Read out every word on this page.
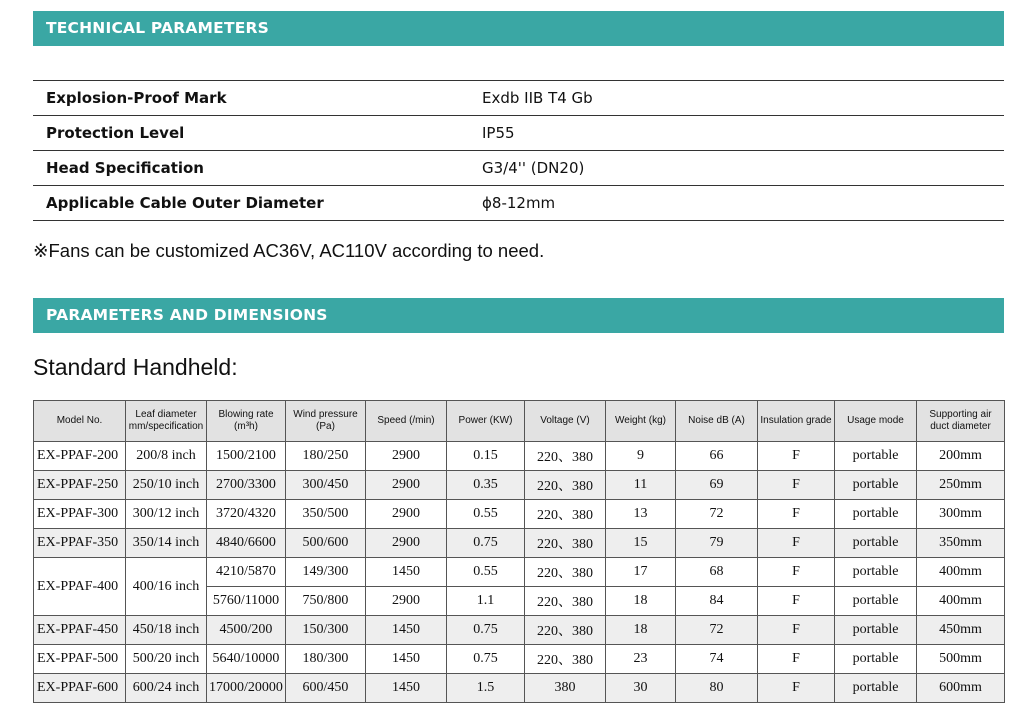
TECHNICAL PARAMETERS
Explosion-Proof Mark	Exdb IIB T4 Gb
Protection Level	IP55
Head Specification	G3/4'' (DN20)
Applicable Cable Outer Diameter	ϕ8-12mm
※Fans can be customized AC36V, AC110V according to need.
PARAMETERS AND DIMENSIONS
Standard Handheld:
Model No.	Leaf diameter mm/specification	Blowing rate (m³h)	Wind pressure (Pa)	Speed (/min)	Power (KW)	Voltage (V)	Weight (kg)	Noise dB (A)	Insulation grade	Usage mode	Supporting air duct diameter
EX-PPAF-200	200/8 inch	1500/2100	180/250	2900	0.15	220、380	9	66	F	portable	200mm
EX-PPAF-250	250/10 inch	2700/3300	300/450	2900	0.35	220、380	11	69	F	portable	250mm
EX-PPAF-300	300/12 inch	3720/4320	350/500	2900	0.55	220、380	13	72	F	portable	300mm
EX-PPAF-350	350/14 inch	4840/6600	500/600	2900	0.75	220、380	15	79	F	portable	350mm
EX-PPAF-400	400/16 inch	4210/5870	149/300	1450	0.55	220、380	17	68	F	portable	400mm
		5760/11000	750/800	2900	1.1	220、380	18	84	F	portable	400mm
EX-PPAF-450	450/18 inch	4500/200	150/300	1450	0.75	220、380	18	72	F	portable	450mm
EX-PPAF-500	500/20 inch	5640/10000	180/300	1450	0.75	220、380	23	74	F	portable	500mm
EX-PPAF-600	600/24 inch	17000/20000	600/450	1450	1.5	380	30	80	F	portable	600mm
